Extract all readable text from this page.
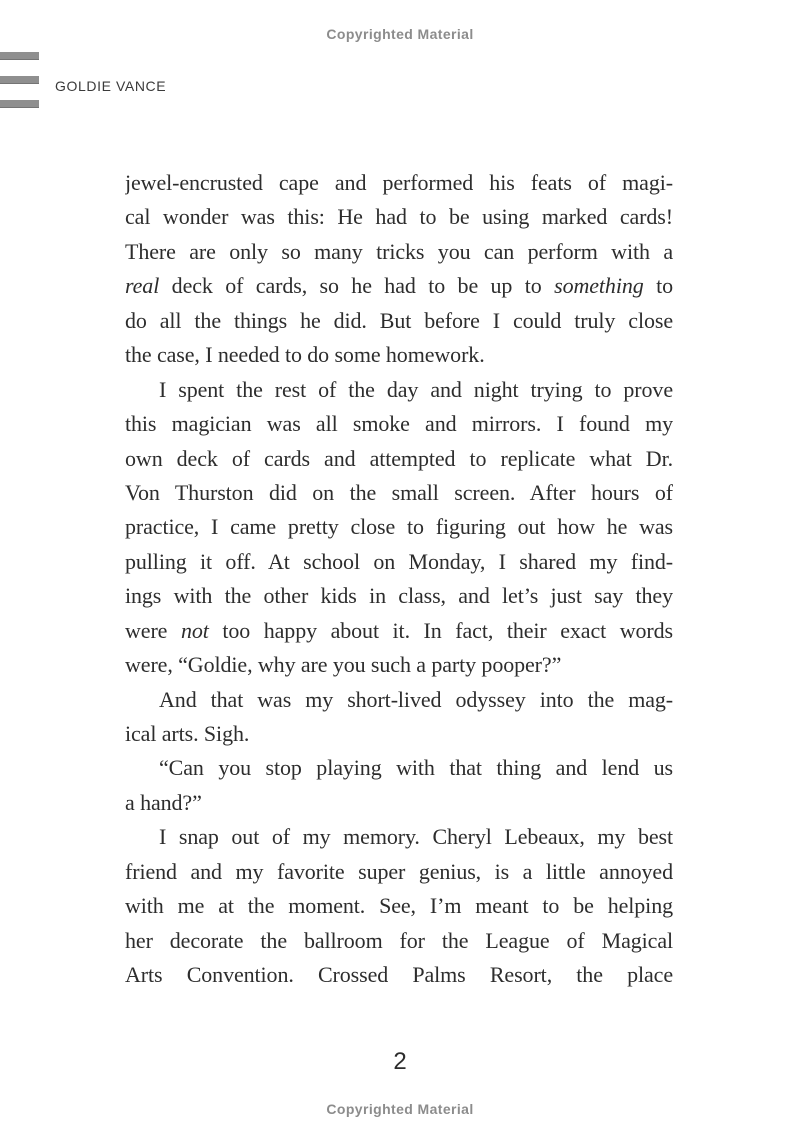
Copyrighted Material
GOLDIE VANCE
jewel-encrusted cape and performed his feats of magi-
cal wonder was this: He had to be using marked cards!
There are only so many tricks you can perform with a
real deck of cards, so he had to be up to something to
do all the things he did. But before I could truly close
the case, I needed to do some homework.
I spent the rest of the day and night trying to prove
this magician was all smoke and mirrors. I found my
own deck of cards and attempted to replicate what Dr.
Von Thurston did on the small screen. After hours of
practice, I came pretty close to figuring out how he was
pulling it off. At school on Monday, I shared my find-
ings with the other kids in class, and let’s just say they
were not too happy about it. In fact, their exact words
were, “Goldie, why are you such a party pooper?”
And that was my short-lived odyssey into the mag-
ical arts. Sigh.
“Can you stop playing with that thing and lend us
a hand?”
I snap out of my memory. Cheryl Lebeaux, my best
friend and my favorite super genius, is a little annoyed
with me at the moment. See, I’m meant to be helping
her decorate the ballroom for the League of Magical
Arts Convention. Crossed Palms Resort, the place
2
Copyrighted Material
